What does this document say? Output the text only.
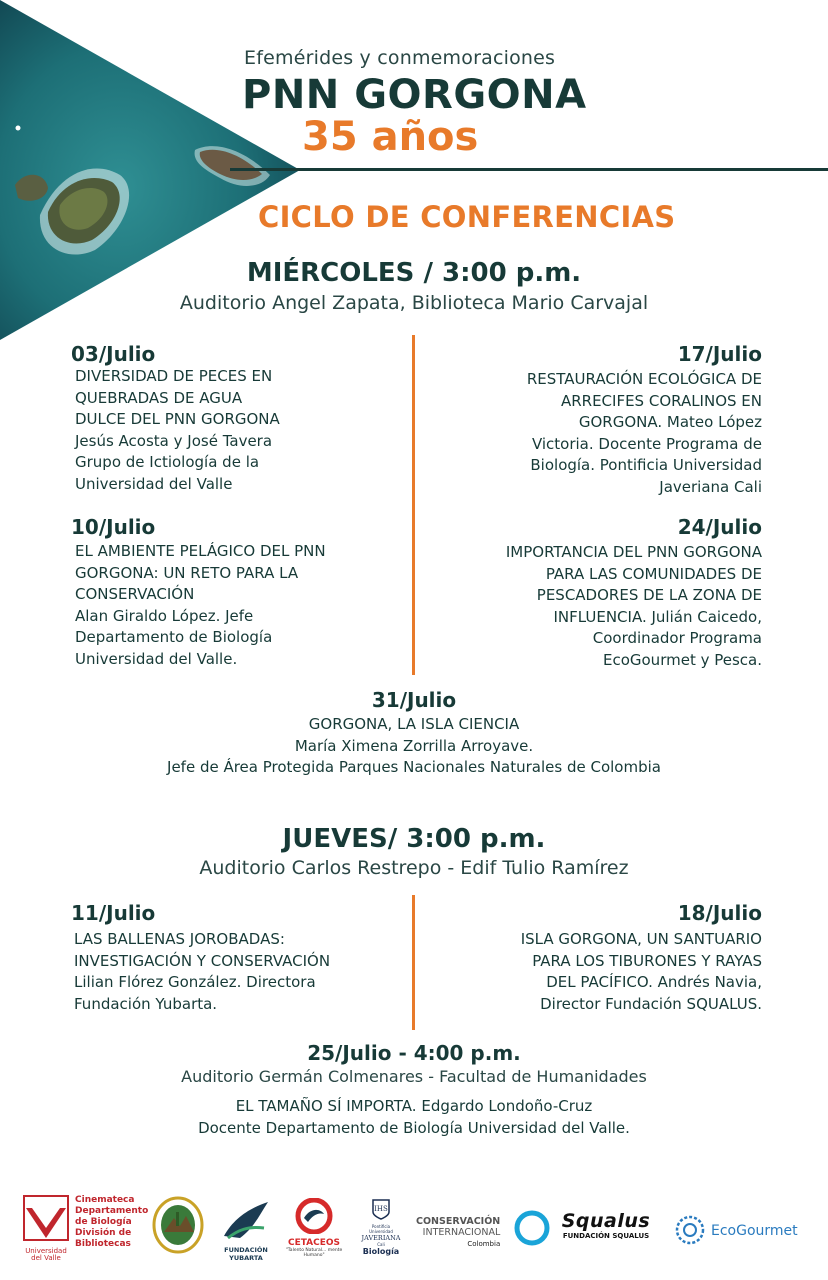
Efemérides y conmemoraciones
PNN GORGONA
35 años
CICLO DE CONFERENCIAS
MIÉRCOLES / 3:00 p.m.
Auditorio Angel Zapata, Biblioteca Mario Carvajal
03/Julio
DIVERSIDAD DE PECES EN
QUEBRADAS DE AGUA
DULCE DEL PNN GORGONA
Jesús Acosta y José Tavera
Grupo de Ictiología de la
Universidad del Valle
17/Julio
RESTAURACIÓN ECOLÓGICA DE
ARRECIFES CORALINOS EN
GORGONA. Mateo López
Victoria. Docente Programa de
Biología. Pontificia Universidad
Javeriana Cali
10/Julio
EL AMBIENTE PELÁGICO DEL PNN
GORGONA: UN RETO PARA LA
CONSERVACIÓN
Alan Giraldo López. Jefe
Departamento de Biología
Universidad del Valle.
24/Julio
IMPORTANCIA DEL PNN GORGONA
PARA LAS COMUNIDADES DE
PESCADORES DE LA ZONA DE
INFLUENCIA. Julián Caicedo,
Coordinador Programa
EcoGourmet y Pesca.
31/Julio
GORGONA, LA ISLA CIENCIA
María Ximena Zorrilla Arroyave.
Jefe de Área Protegida Parques Nacionales Naturales de Colombia
JUEVES/ 3:00 p.m.
Auditorio Carlos Restrepo - Edif Tulio Ramírez
11/Julio
LAS BALLENAS JOROBADAS:
INVESTIGACIÓN Y CONSERVACIÓN
Lilian Flórez González. Directora
Fundación Yubarta.
18/Julio
ISLA GORGONA, UN SANTUARIO
PARA LOS TIBURONES Y RAYAS
DEL PACÍFICO. Andrés Navia,
Director Fundación SQUALUS.
25/Julio - 4:00 p.m.
Auditorio Germán Colmenares - Facultad de Humanidades
EL TAMAÑO SÍ IMPORTA. Edgardo Londoño-Cruz
Docente Departamento de Biología Universidad del Valle.
Universidad del Valle
Cinemateca
Departamento
de Biología
División de
Bibliotecas
FUNDACIÓN YUBARTA
CETACEOS
"Talento Natural... mente Humano"
IHS
Pontificia Universidad
JAVERIANA
Cali
Biología
CONSERVACIÓN
INTERNACIONAL
Colombia
Squalus
FUNDACIÓN SQUALUS	EcoGourmet
